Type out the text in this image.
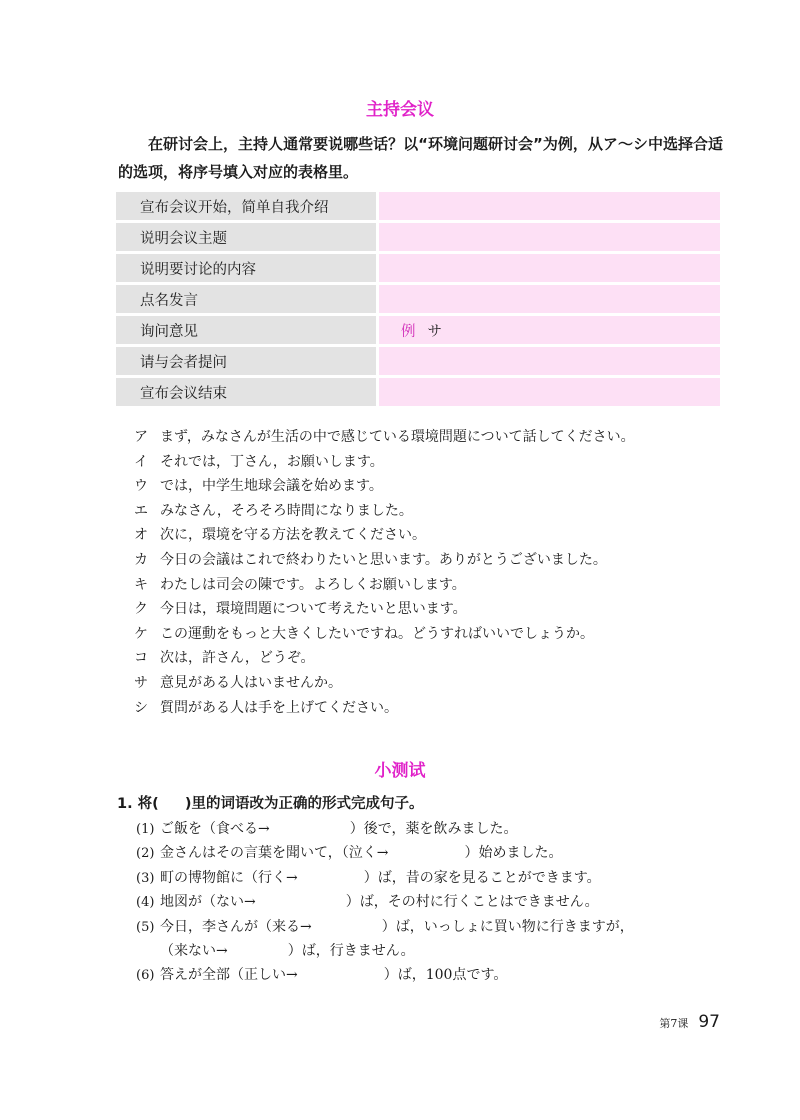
主持会议
在研讨会上，主持人通常要说哪些话？以“环境问题研讨会”为例，从ア～シ中选择合适的选项，将序号填入对应的表格里。
宣布会议开始，简单自我介绍	
说明会议主题	
说明要讨论的内容	
点名发言	
询问意见	例 サ
请与会者提问	
宣布会议结束	
ア まず，みなさんが生活の中で感じている環境問題について話してください。
イ それでは，丁さん，お願いします。
ウ では，中学生地球会議を始めます。
エ みなさん，そろそろ時間になりました。
オ 次に，環境を守る方法を教えてください。
カ 今日の会議はこれで終わりたいと思います。ありがとうございました。
キ わたしは司会の陳です。よろしくお願いします。
ク 今日は，環境問題について考えたいと思います。
ケ この運動をもっと大きくしたいですね。どうすればいいでしょうか。
コ 次は，許さん，どうぞ。
サ 意見がある人はいませんか。
シ 質問がある人は手を上げてください。
小测试
1. 将( )里的词语改为正确的形式完成句子。
(1) ご飯を（食べる→	）後で，薬を飲みました。
(2) 金さんはその言葉を聞いて，（泣く→	）始めました。
(3) 町の博物館に（行く→	）ば，昔の家を見ることができます。
(4) 地図が（ない→	）ば，その村に行くことはできません。
(5) 今日，李さんが（来る→	）ば，いっしょに買い物に行きますが，
（来ない→	）ば，行きません。
(6) 答えが全部（正しい→	）ば，100点です。
第7课 97
